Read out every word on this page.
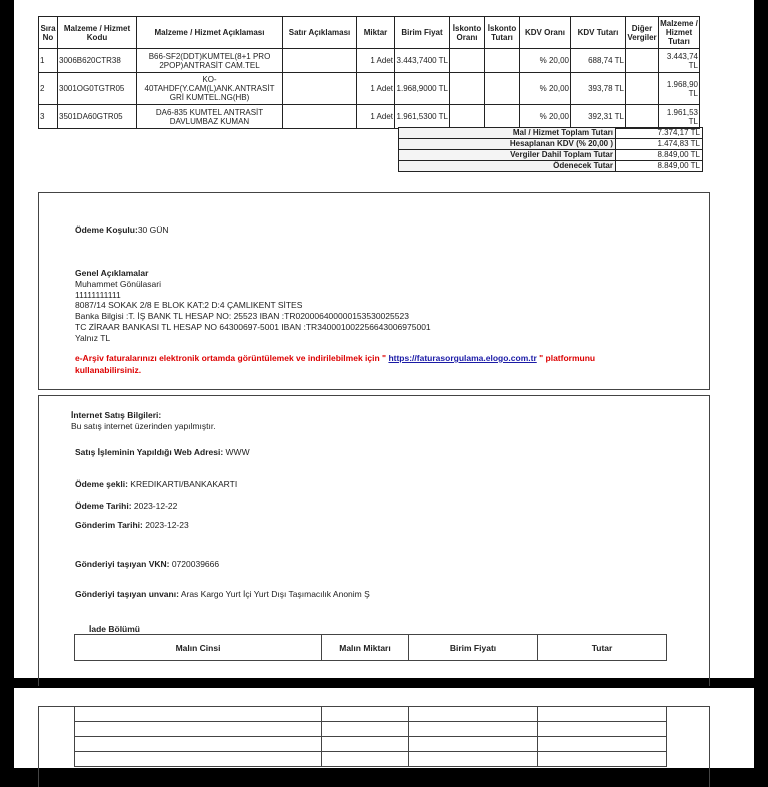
Sıra No	Malzeme / Hizmet Kodu	Malzeme / Hizmet Açıklaması	Satır Açıklaması	Miktar	Birim Fiyat	İskonto Oranı	İskonto Tutarı	KDV Oranı	KDV Tutarı	Diğer Vergiler	Malzeme / Hizmet Tutarı
1	3006B620CTR38	B66-SF2(DDT)KUMTEL(8+1 PRO 2POP)ANTRASİT CAM.TEL		1 Adet	3.443,7400 TL			% 20,00	688,74 TL		3.443,74 TL
2	3001OG0TGTR05	KO-40TAHDF(Y.CAM(L)ANK.ANTRASİT GRİ KUMTEL.NG(HB)		1 Adet	1.968,9000 TL			% 20,00	393,78 TL		1.968,90 TL
3	3501DA60GTR05	DA6-835 KUMTEL ANTRASİT DAVLUMBAZ KUMAN		1 Adet	1.961,5300 TL			% 20,00	392,31 TL		1.961,53 TL
Mal / Hizmet Toplam Tutarı	7.374,17 TL
Hesaplanan KDV (% 20,00 )	1.474,83 TL
Vergiler Dahil Toplam Tutar	8.849,00 TL
Ödenecek Tutar	8.849,00 TL
Ödeme Koşulu:30 GÜN
Genel Açıklamalar
Muhammet Gönülasari
11111111111
8087/14 SOKAK 2/8 E BLOK KAT:2 D:4 ÇAMLIKENT SİTES
Banka Bilgisi :T. İŞ BANK TL HESAP NO: 25523 IBAN :TR020006400000153530025523
TC ZİRAAR BANKASI TL HESAP NO 64300697-5001 IBAN :TR340001002256643006975001
Yalnız TL
e-Arşiv faturalarınızı elektronik ortamda görüntülemek ve indirilebilmek için " https://faturasorgulama.elogo.com.tr " platformunu
kullanabilirsiniz.
İnternet Satış Bilgileri:
Bu satış internet üzerinden yapılmıştır.
Satış İşleminin Yapıldığı Web Adresi: WWW
Ödeme şekli: KREDIKARTI/BANKAKARTI
Ödeme Tarihi: 2023-12-22
Gönderim Tarihi: 2023-12-23
Gönderiyi taşıyan VKN: 0720039666
Gönderiyi taşıyan unvanı: Aras Kargo Yurt İçi Yurt Dışı Taşımacılık Anonim Ş
İade Bölümü
Malın Cinsi	Malın Miktarı	Birim Fiyatı	Tutar
